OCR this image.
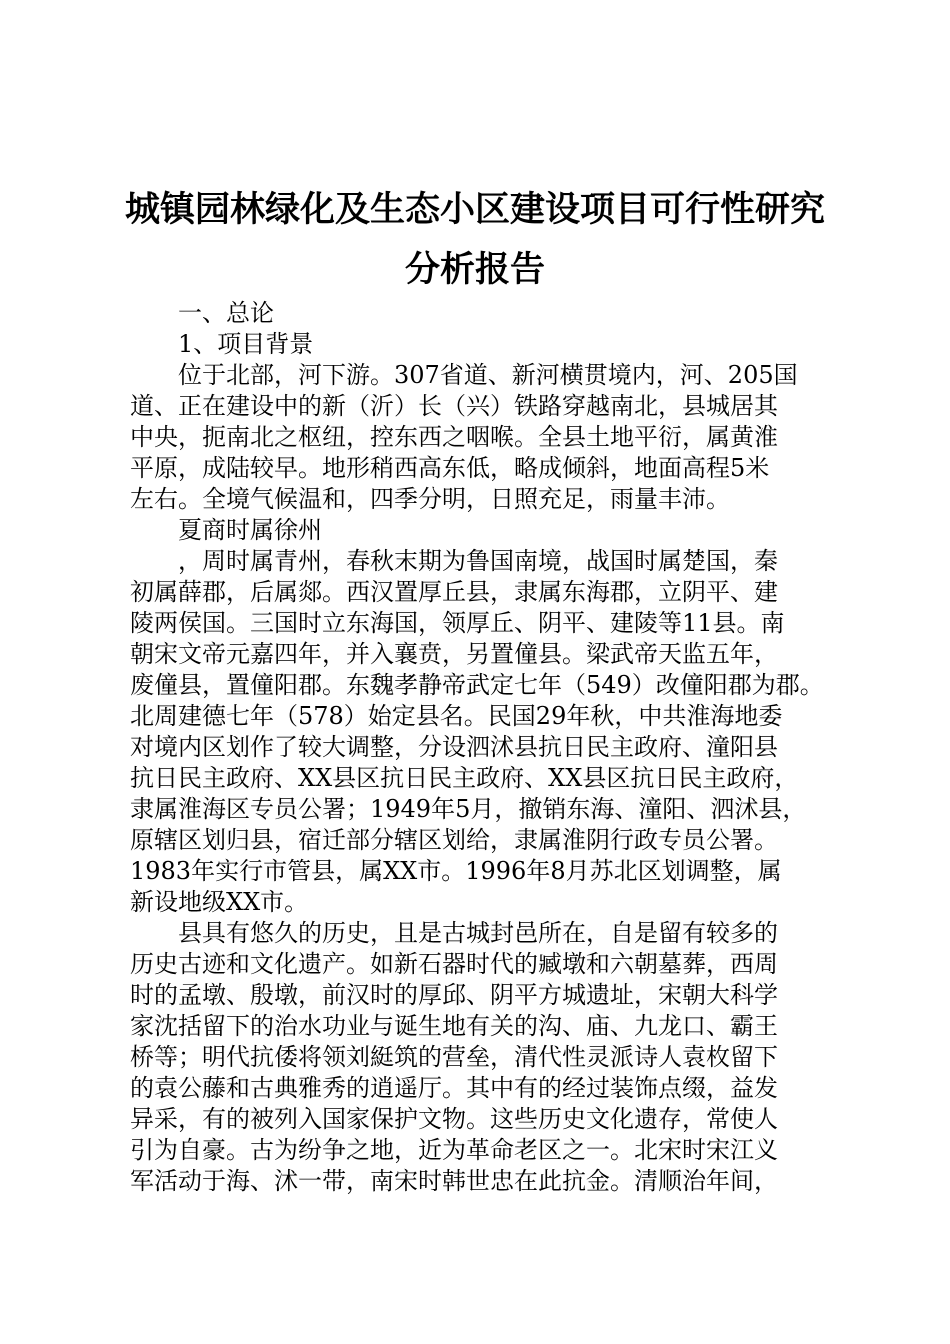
城镇园林绿化及生态小区建设项目可行性研究
分析报告
一、总论
1、项目背景
位于北部，河下游。307省道、新河横贯境内，河、205国
道、正在建设中的新（沂）长（兴）铁路穿越南北，县城居其
中央，扼南北之枢纽，控东西之咽喉。全县土地平衍，属黄淮
平原，成陆较早。地形稍西高东低，略成倾斜，地面高程5米
左右。全境气候温和，四季分明，日照充足，雨量丰沛。
夏商时属徐州
，周时属青州，春秋末期为鲁国南境，战国时属楚国，秦
初属薛郡，后属郯。西汉置厚丘县，隶属东海郡，立阴平、建
陵两侯国。三国时立东海国，领厚丘、阴平、建陵等11县。南
朝宋文帝元嘉四年，并入襄贲，另置僮县。梁武帝天监五年，
废僮县，置僮阳郡。东魏孝静帝武定七年（549）改僮阳郡为郡。
北周建德七年（578）始定县名。民国29年秋，中共淮海地委
对境内区划作了较大调整，分设泗沭县抗日民主政府、潼阳县
抗日民主政府、XX县区抗日民主政府、XX县区抗日民主政府，
隶属淮海区专员公署；1949年5月，撤销东海、潼阳、泗沭县，
原辖区划归县，宿迁部分辖区划给，隶属淮阴行政专员公署。
1983年实行市管县，属XX市。1996年8月苏北区划调整，属
新设地级XX市。
县具有悠久的历史，且是古城封邑所在，自是留有较多的
历史古迹和文化遗产。如新石器时代的臧墩和六朝墓葬，西周
时的孟墩、殷墩，前汉时的厚邱、阴平方城遗址，宋朝大科学
家沈括留下的治水功业与诞生地有关的沟、庙、九龙口、霸王
桥等；明代抗倭将领刘綎筑的营垒，清代性灵派诗人袁枚留下
的袁公藤和古典雅秀的逍遥厅。其中有的经过装饰点缀，益发
异采，有的被列入国家保护文物。这些历史文化遗存，常使人
引为自豪。古为纷争之地，近为革命老区之一。北宋时宋江义
军活动于海、沭一带，南宋时韩世忠在此抗金。清顺治年间，
